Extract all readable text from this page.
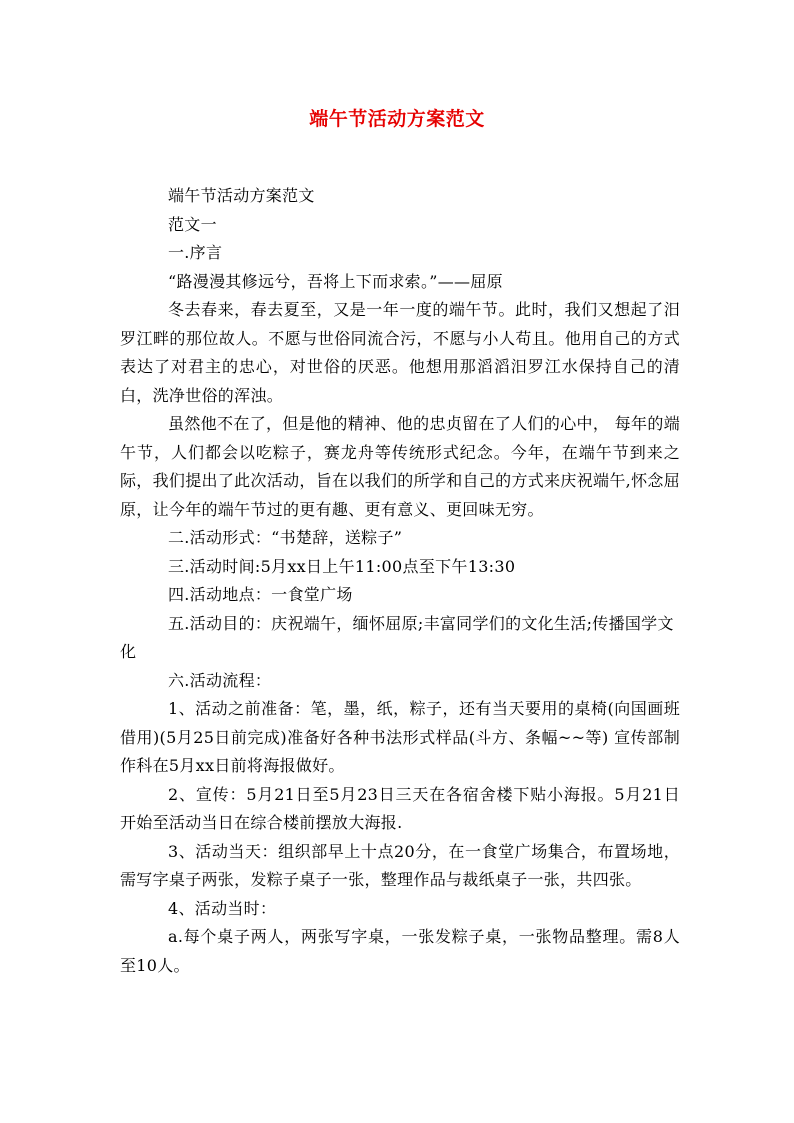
端午节活动方案范文

端午节活动方案范文

范文一

一.序言

“路漫漫其修远兮，吾将上下而求索。”——屈原

冬去春来，春去夏至，又是一年一度的端午节。此时，我们又想起了汨罗江畔的那位故人。不愿与世俗同流合污，不愿与小人苟且。他用自己的方式表达了对君主的忠心，对世俗的厌恶。他想用那滔滔汨罗江水保持自己的清白，洗净世俗的浑浊。

虽然他不在了，但是他的精神、他的忠贞留在了人们的心中， 每年的端午节，人们都会以吃粽子，赛龙舟等传统形式纪念。今年，在端午节到来之际，我们提出了此次活动，旨在以我们的所学和自己的方式来庆祝端午,怀念屈原，让今年的端午节过的更有趣、更有意义、更回味无穷。

二.活动形式：“书楚辞，送粽子”

三.活动时间:5月xx日上午11:00点至下午13:30

四.活动地点：一食堂广场

五.活动目的：庆祝端午，缅怀屈原;丰富同学们的文化生活;传播国学文化

六.活动流程：

1、活动之前准备：笔，墨，纸，粽子，还有当天要用的桌椅(向国画班借用)(5月25日前完成)准备好各种书法形式样品(斗方、条幅~~等) 宣传部制作科在5月xx日前将海报做好。

2、宣传：5月21日至5月23日三天在各宿舍楼下贴小海报。5月21日开始至活动当日在综合楼前摆放大海报.

3、活动当天：组织部早上十点20分，在一食堂广场集合，布置场地，需写字桌子两张，发粽子桌子一张，整理作品与裁纸桌子一张，共四张。

4、活动当时：

a.每个桌子两人，两张写字桌，一张发粽子桌，一张物品整理。需8人至10人。
